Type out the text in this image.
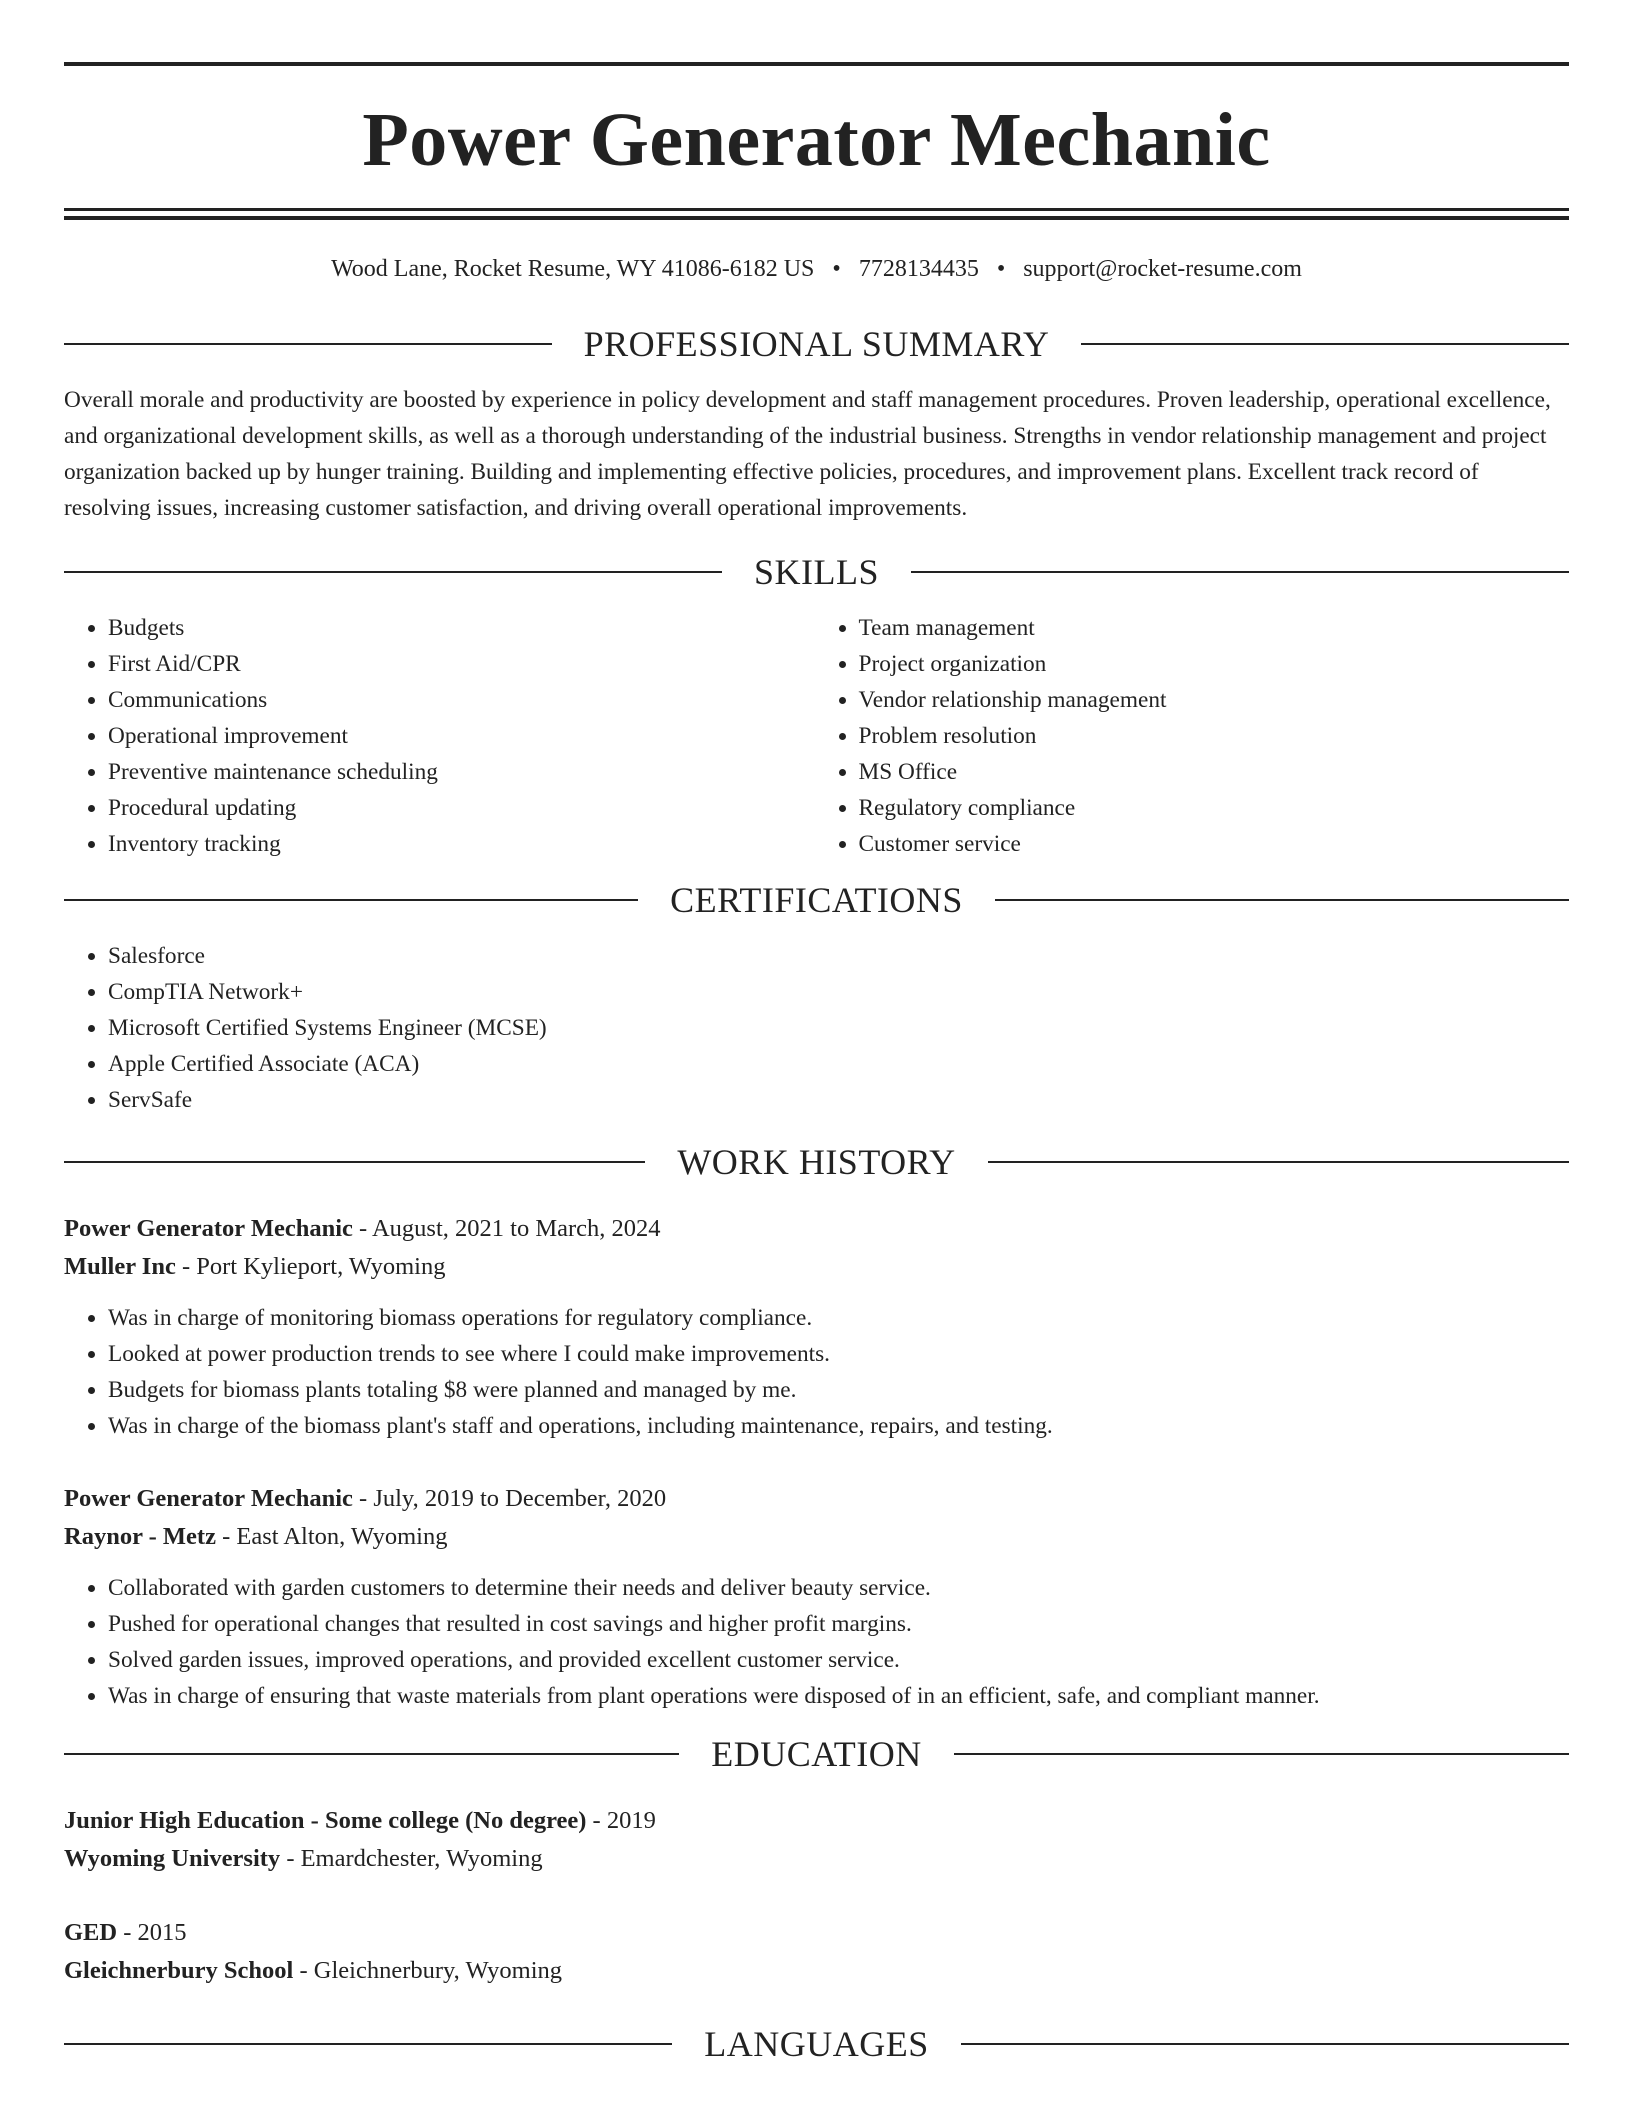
Power Generator Mechanic
Wood Lane, Rocket Resume, WY 41086-6182 US • 7728134435 • support@rocket-resume.com
PROFESSIONAL SUMMARY

Overall morale and productivity are boosted by experience in policy development and staff management procedures. Proven leadership, operational excellence, and organizational development skills, as well as a thorough understanding of the industrial business. Strengths in vendor relationship management and project organization backed up by hunger training. Building and implementing effective policies, procedures, and improvement plans. Excellent track record of resolving issues, increasing customer satisfaction, and driving overall operational improvements.

SKILLS
• Budgets
• First Aid/CPR
• Communications
• Operational improvement
• Preventive maintenance scheduling
• Procedural updating
• Inventory tracking
• Team management
• Project organization
• Vendor relationship management
• Problem resolution
• MS Office
• Regulatory compliance
• Customer service
CERTIFICATIONS
• Salesforce
• CompTIA Network+
• Microsoft Certified Systems Engineer (MCSE)
• Apple Certified Associate (ACA)
• ServSafe
WORK HISTORY
Power Generator Mechanic - August, 2021 to March, 2024
Muller Inc - Port Kylieport, Wyoming
• Was in charge of monitoring biomass operations for regulatory compliance.
• Looked at power production trends to see where I could make improvements.
• Budgets for biomass plants totaling $8 were planned and managed by me.
• Was in charge of the biomass plant's staff and operations, including maintenance, repairs, and testing.
Power Generator Mechanic - July, 2019 to December, 2020
Raynor - Metz - East Alton, Wyoming
• Collaborated with garden customers to determine their needs and deliver beauty service.
• Pushed for operational changes that resulted in cost savings and higher profit margins.
• Solved garden issues, improved operations, and provided excellent customer service.
• Was in charge of ensuring that waste materials from plant operations were disposed of in an efficient, safe, and compliant manner.
EDUCATION
Junior High Education - Some college (No degree) - 2019
Wyoming University - Emardchester, Wyoming
GED - 2015
Gleichnerbury School - Gleichnerbury, Wyoming
LANGUAGES
